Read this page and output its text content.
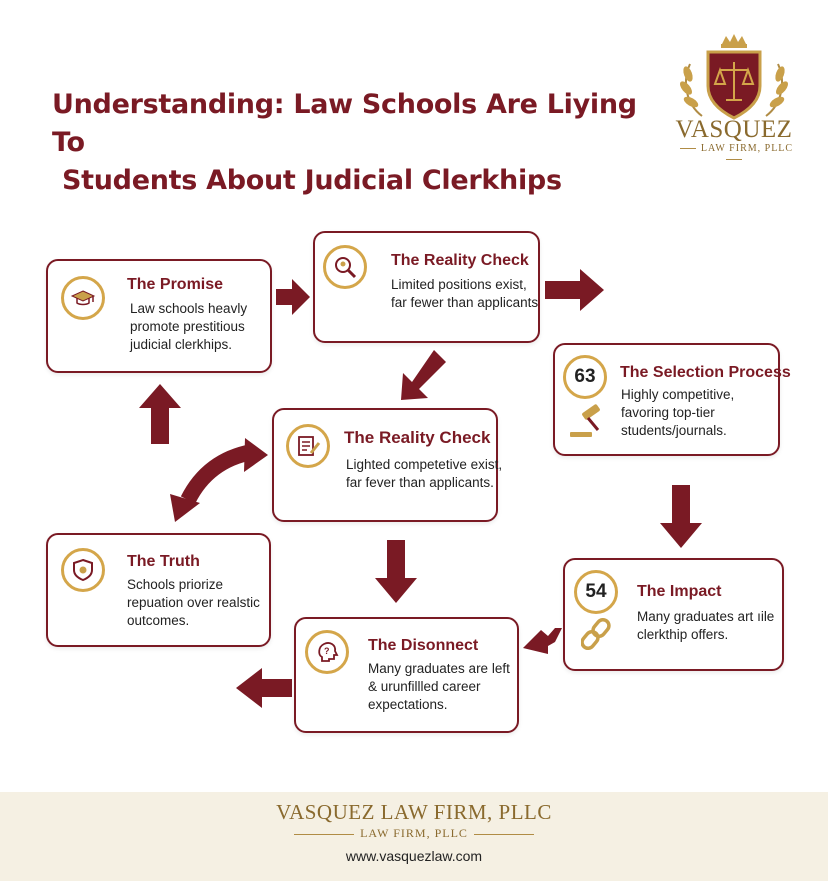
Understanding: Law Schools Are Liying To
Students About Judicial Clerkhips
VASQUEZ
LAW FIRM, PLLC
The Promise
Law schools heavly
promote prestitious
judicial clerkhips.
The Reality Check
Limited positions exist,
far fewer than applicants
63 The Selection Process
Highly competitive,
favoring top-tier
students/journals.
The Reality Check
Lighted competetive exist,
far fever than applicants.
The Truth
Schools priorize
repuation over realstic
outcomes.
? The Disonnect
Many graduates are left
& urunfillled career
expectations.
54 The Impact
Many graduates art ıile
clerkthip offers.
VASQUEZ LAW FIRM, PLLC
LAW FIRM, PLLC
www.vasquezlaw.com
